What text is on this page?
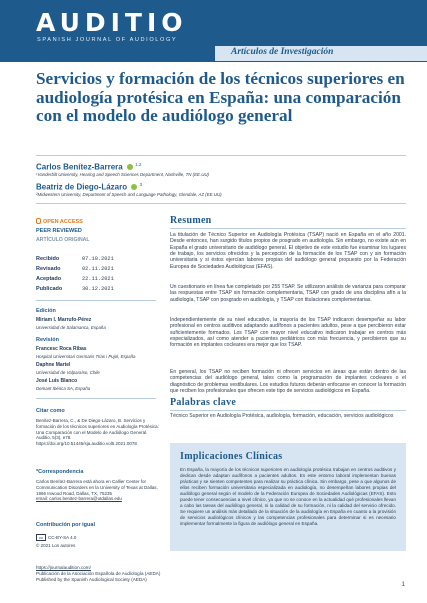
AUDITIO
SPANISH JOURNAL OF AUDIOLOGY
Artículos de Investigación
Servicios y formación de los técnicos superiores en audiología protésica en España: una comparación con el modelo de audiólogo general
Carlos Benítez-Barrera	$^{1,2}$
¹Vanderbilt University, Hearing and Speech Sciences Department, Nashville, TN (EE.UU)
Beatriz de Diego-Lázaro	$^3$
²Midwestern University, Department of Speech and Language Pathology, Glendale, AZ (EE.UU)
OPEN ACCESS
PEER REVIEWED
ARTÍCULO ORIGINAL
Recibido	07.10.2021
Revisado	02.11.2021
Aceptado	22.11.2021
Publicado	30.12.2021
Edición
Miriam I. Marrufo-Pérez
Universidad de Salamanca, España
Revisión
Francesc Roca Ribas
Hospital Universitari Germans Trias i Pujol, España
Daphne Martel
Universidad de Valparaíso, Chile
José Luis Blanco
Demant Ibérica SA, España
Citar como
Benítez-Barrera, C., & De Diego-Lázaro, B. Servicios y formación de los técnicos superiores en Audiología Protésica: Una Comparación con el Modelo de Audiólogo General. Auditio, 5(3), e78. https://doi.org/10.51445/sja.auditio.vol5.2021.0078
*Correspondencia
Carlos Benítez-Barrera está ahora en Callier Center for Communication Disorders en la University of Texas at Dallas, 1966 Inwood Road, Dallas, TX, 75235
email: carlos.benitez-barrera@utdallas.edu
Contribución por igual
cc CC-BY-SA 4.0
© 2021 Los autores
Resumen

La titulación de Técnico Superior en Audiología Protésica (TSAP) nació en España en el año 2001. Desde entonces, han surgido títulos propios de posgrado en audiología. Sin embargo, no existe aún en España el grado universitario de audiólogo general. El objetivo de este estudio fue examinar los lugares de trabajo, los servicios ofrecidos y la percepción de la formación de los TSAP con y sin formación universitaria y si éstos ejercían labores propias del audiólogo general propuesto por la Federación Europea de Sociedades Audiológicas (EFAS).

Un cuestionario en línea fue completado por 255 TSAP. Se utilizaron análisis de varianza para comparar las respuestas entre TSAP sin formación complementaria, TSAP con grado de una disciplina afín a la audiología, TSAP con posgrado en audiología, y TSAP con titulaciones complementarias.

Independientemente de su nivel educativo, la mayoría de los TSAP indicaron desempeñar su labor profesional en centros auditivos adaptando audífonos a pacientes adultos, pese a que percibieron estar suficientemente formados. Los TSAP con mayor nivel educativo indicaron trabajar en centros más especializados, así como atender a pacientes pediátricos con más frecuencia, y percibieron que su formación en implantes cocleares era mejor que los TSAP.

En general, los TSAP no reciben formación ni ofrecen servicios en áreas que están dentro de las competencias del audiólogo general, tales como la programación de implantes cocleares o el diagnóstico de problemas vestibulares. Los estudios futuros deberán enfocarse en conocer la formación que reciben los profesionales que ofrecen este tipo de servicios audiológicos en España.

Palabras clave

Técnico Superior en Audiología Protésica, audiología, formación, educación, servicios audiológicos

Implicaciones Clínicas

En España, la mayoría de los técnicos superiores en audiología protésica trabajan en centros auditivos y dedican desde adaptan audífonos a pacientes adultos. En este entorno laboral implementan buenas prácticas y se sienten competentes para realizar su práctica clínica. Sin embargo, pese a que algunos de ellos reciben formación universitaria especializada en audiología, no desempeñan labores propias del audiólogo general según el modelo de la Federación Europea de Sociedades Audiológicas (EFAS). Esto puede tener consecuencias a nivel clínico, ya que no se conoce en la actualidad qué profesionales llevan a cabo las tareas del audiólogo general, ni la calidad de su formación, ni la calidad del servicio ofrecido. Se requiere un análisis más detallado de la situación de la audiología en España en cuanto a la provisión de servicios audiológicos clínicos y las competencias profesionales para determinar si es necesario implementar formalmente la figura de audiólogo general en España.

https://journalaudition.com/
Publicación de la Asociación Española de Audiología (AEDA)
Published by the Spanish Audiological Society (AEDA)
1
